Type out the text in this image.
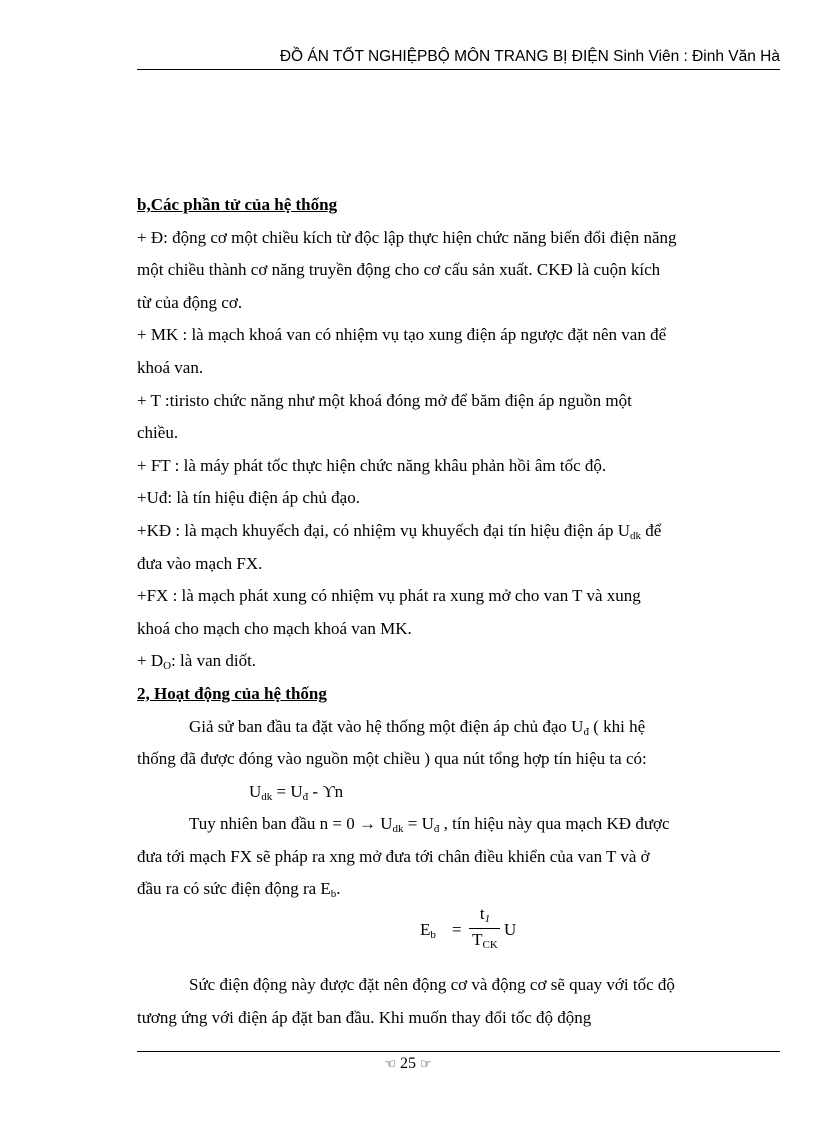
ĐỒ ÁN TỐT NGHIỆPBỘ MÔN TRANG BỊ ĐIỆN Sinh Viên : Đinh Văn Hà
b,Các phần tử của hệ thống
+ Đ: động cơ một chiều kích từ độc lập thực hiện chức năng biến đổi điện năng
một chiều thành cơ năng truyền động cho cơ cấu sản xuất. CKĐ là cuộn kích
từ của động cơ.
+ MK : là mạch khoá van có nhiệm vụ tạo xung điện áp ngược đặt nên van để
khoá van.
+ T :tiristo chức năng như một khoá đóng mở để băm điện áp nguồn một
chiều.
+ FT : là máy phát tốc thực hiện chức năng khâu phản hồi âm tốc độ.
+Uđ: là tín hiệu điện áp chủ đạo.
+KĐ : là mạch khuyếch đại, có nhiệm vụ khuyếch đại tín hiệu điện áp $U_{dk}$ để
đưa vào mạch FX.
+FX : là mạch phát xung có nhiệm vụ phát ra xung mở cho van T và xung
khoá cho mạch cho mạch khoá van MK.
+ $D_O$: là van diốt.
2, Hoạt động của hệ thống
Giả sử ban đầu ta đặt vào hệ thống một điện áp chủ đạo $U_đ$ ( khi hệ
thống đã được đóng vào nguồn một chiều ) qua nút tổng hợp tín hiệu ta có:
$U_{dk} = U_đ - ϒn$
Tuy nhiên ban đầu $n = 0 \to U_{dk} = U_đ$ , tín hiệu này qua mạch KĐ được
đưa tới mạch FX sẽ pháp ra xng mở đưa tới chân điều khiển của van T và ở
đầu ra có sức điện động ra $E_b$.
$E_b$ =
$t_1$
$T_{CK}$
U
Sức điện động này được đặt nên động cơ và động cơ sẽ quay với tốc độ
tương ứng với điện áp đặt ban đầu. Khi muốn thay đổi tốc độ động
☜ 25 ☞
